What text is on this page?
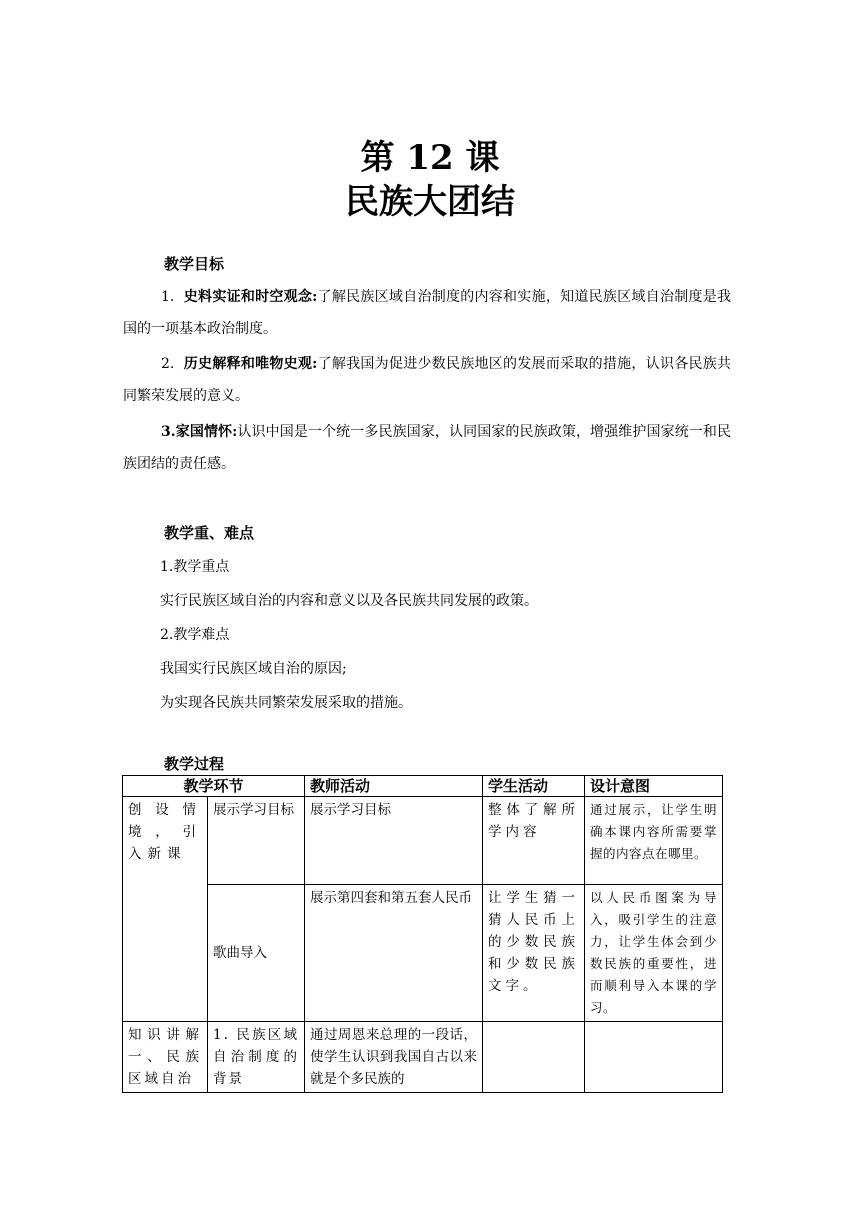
第 12 课
民族大团结
教学目标
1. 史料实证和时空观念:了解民族区域自治制度的内容和实施，知道民族区域自治制度是我国的一项基本政治制度。
2. 历史解释和唯物史观:了解我国为促进少数民族地区的发展而采取的措施，认识各民族共同繁荣发展的意义。
3.家国情怀:认识中国是一个统一多民族国家，认同国家的民族政策，增强维护国家统一和民族团结的责任感。
教学重、难点
1.教学重点
实行民族区域自治的内容和意义以及各民族共同发展的政策。
2.教学难点
我国实行民族区域自治的原因;
为实现各民族共同繁荣发展采取的措施。
教学过程
教学环节		教师活动	学生活动	设计意图
创设情境，引入新课	展示学习目标	展示学习目标	整体了解所学内容	通过展示，让学生明确本课内容所需要掌握的内容点在哪里。
	歌曲导入	展示第四套和第五套人民币	让学生猜一猜人民币上的少数民族和少数民族文字。	以人民币图案为导入，吸引学生的注意力，让学生体会到少数民族的重要性，进而顺利导入本课的学习。
知识讲解一、民族区域自治	1. 民族区域自治制度的背景	通过周恩来总理的一段话，使学生认识到我国自古以来就是个多民族的		
